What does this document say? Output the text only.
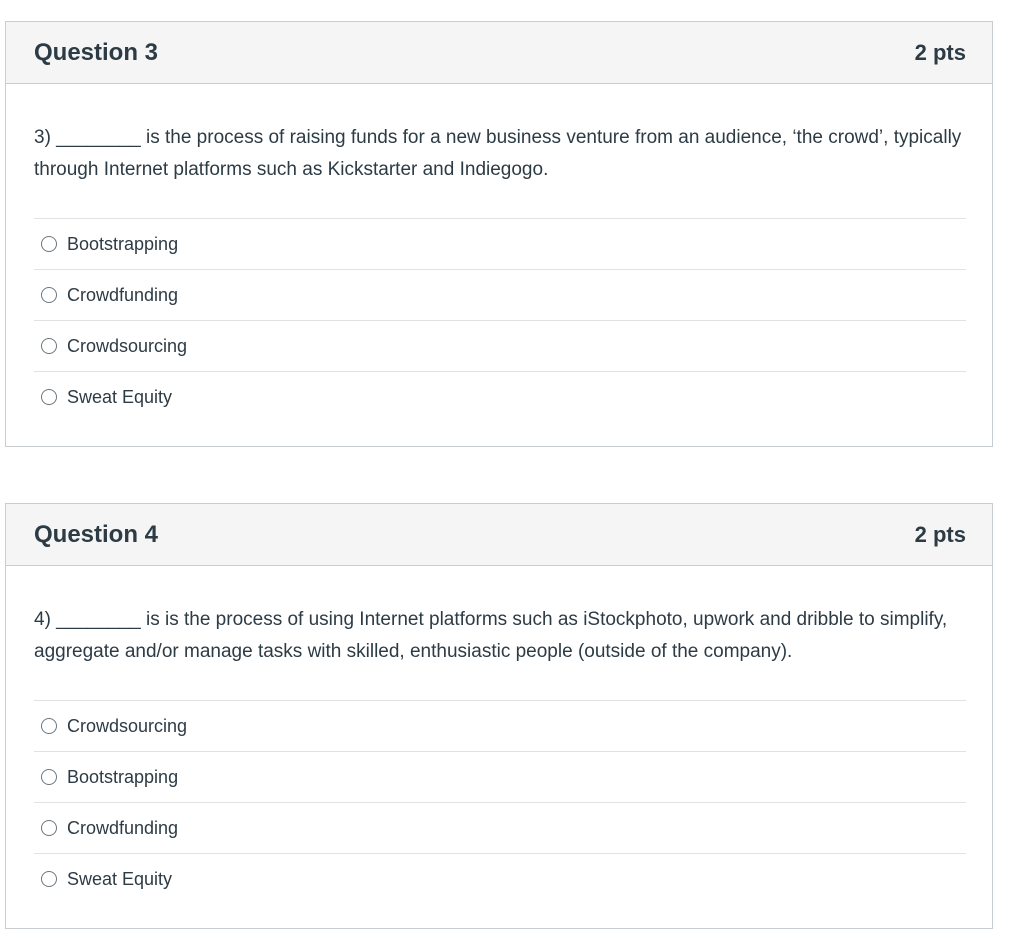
Question 3	2 pts

3) ________ is the process of raising funds for a new business venture from an audience, ‘the crowd’, typically through Internet platforms such as Kickstarter and Indiegogo.

Bootstrapping
Crowdfunding
Crowdsourcing
Sweat Equity
Question 4	2 pts

4) ________ is is the process of using Internet platforms such as iStockphoto, upwork and dribble to simplify, aggregate and/or manage tasks with skilled, enthusiastic people (outside of the company).

Crowdsourcing
Bootstrapping
Crowdfunding
Sweat Equity
